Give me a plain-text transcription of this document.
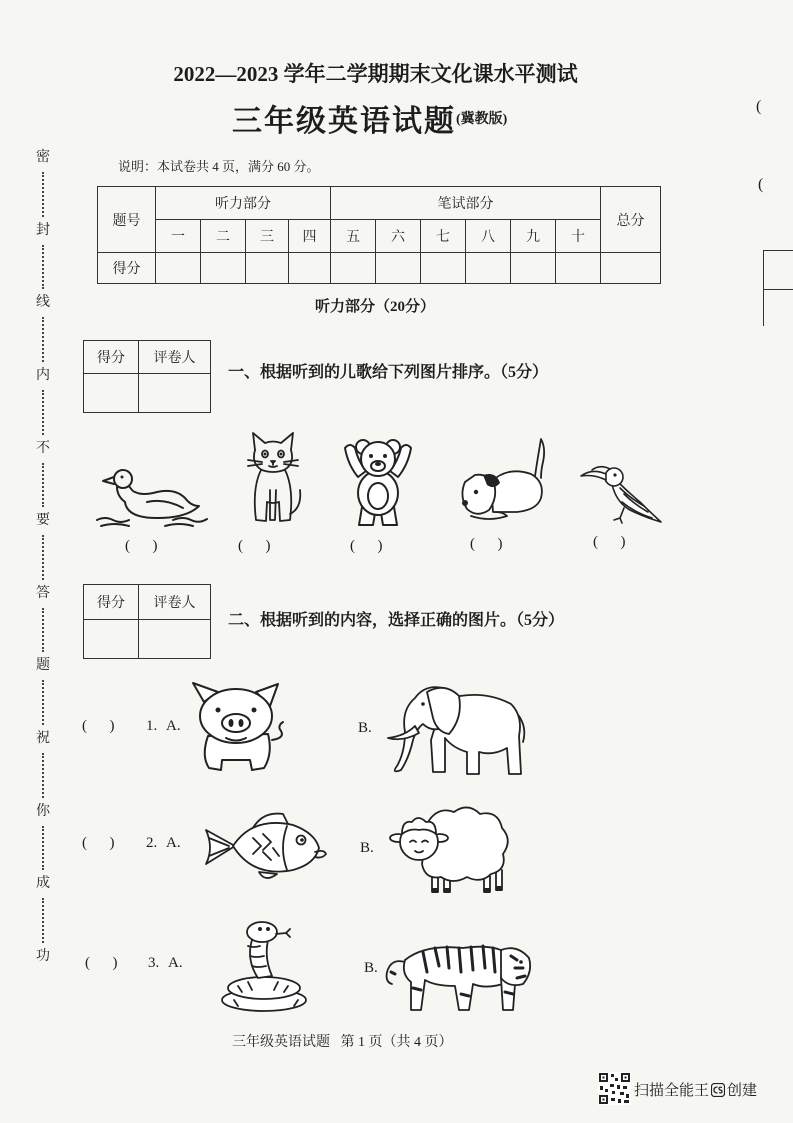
2022—2023 学年二学期期末文化课水平测试
三年级英语试题 (冀教版)
(
(
密
封
线
内
不
要
答
题
祝
你
成
功
说明：本试卷共 4 页，满分 60 分。
题号	听力部分				笔试部分						总分
	一	二	三	四	五	六	七	八	九	十	
得分											
听力部分（20分）
得分	评卷人

一、根据听到的儿歌给下列图片排序。（5分）
(      )	(      )	(      )	(      )	(      )
得分	评卷人

二、根据听到的内容，选择正确的图片。（5分）
(      ) 1. A.	B.
(      ) 2. A.	B.
(      ) 3. A.	B.
三年级英语试题   第 1 页（共 4 页）
扫描全能王 创建
